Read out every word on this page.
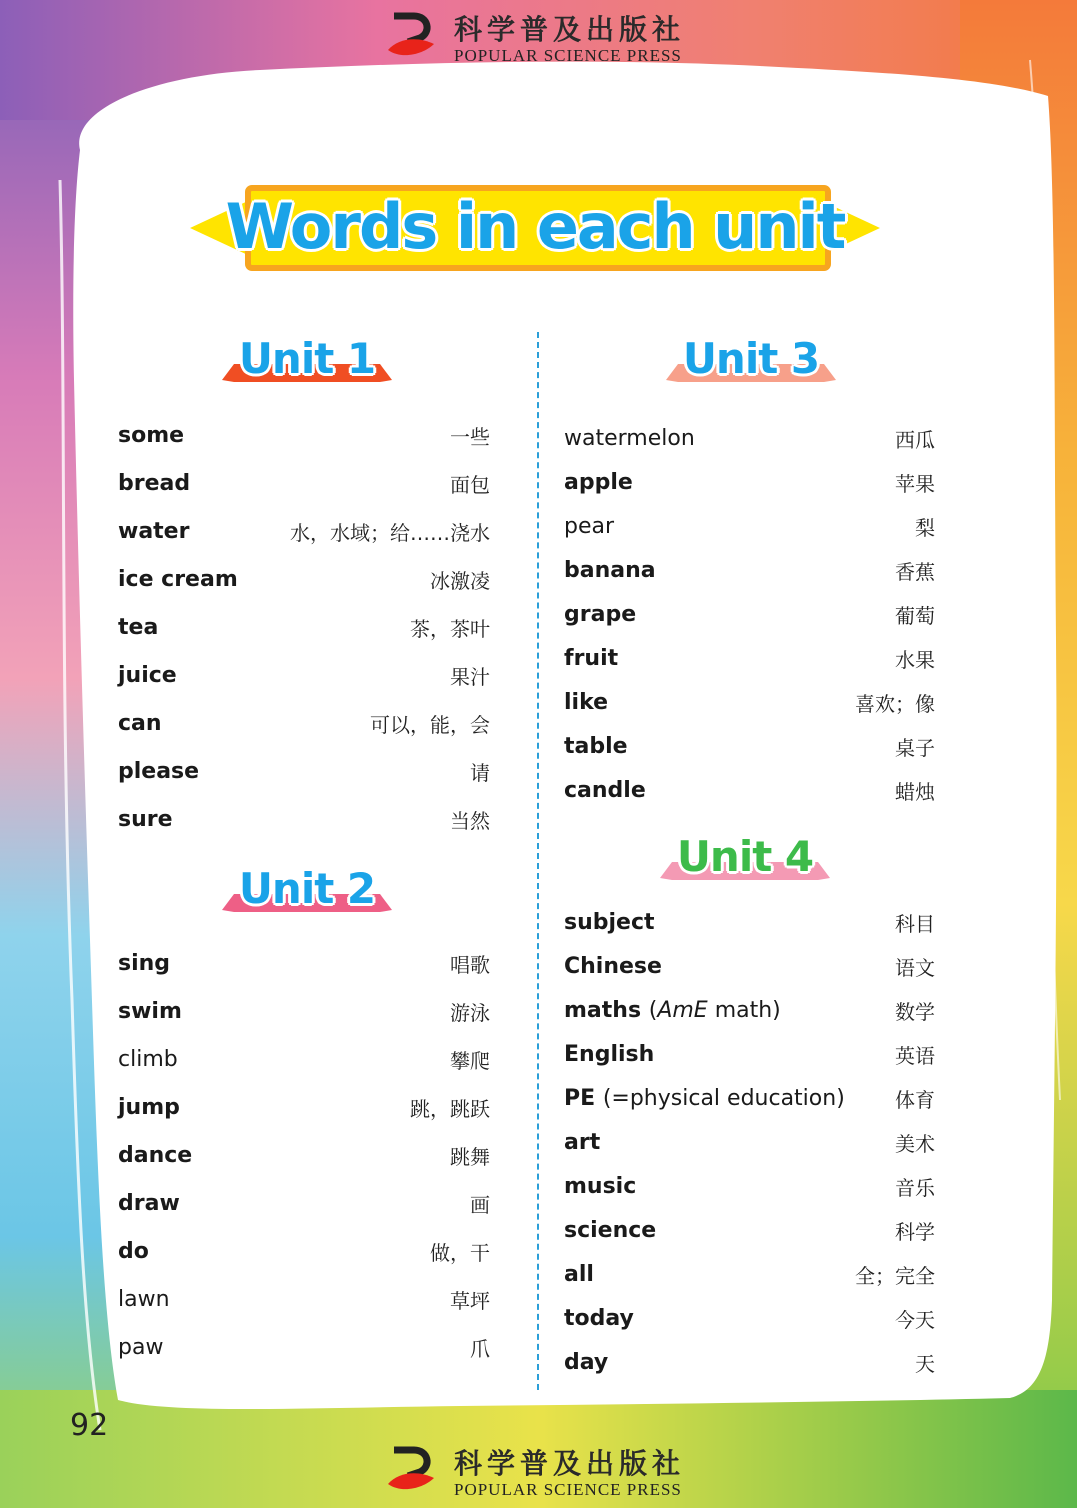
科学普及出版社
POPULAR SCIENCE PRESS
Words in each unit
Unit 1
some	一些
bread	面包
water	水，水域；给……浇水
ice cream	冰激凌
tea	茶，茶叶
juice	果汁
can	可以，能，会
please	请
sure	当然
Unit 2
sing	唱歌
swim	游泳
climb	攀爬
jump	跳，跳跃
dance	跳舞
draw	画
do	做，干
lawn	草坪
paw	爪
Unit 3
watermelon	西瓜
apple	苹果
pear	梨
banana	香蕉
grape	葡萄
fruit	水果
like	喜欢；像
table	桌子
candle	蜡烛
Unit 4
subject	科目
Chinese	语文
maths (AmE math)	数学
English	英语
PE (=physical education)	体育
art	美术
music	音乐
science	科学
all	全；完全
today	今天
day	天
92
科学普及出版社
POPULAR SCIENCE PRESS
